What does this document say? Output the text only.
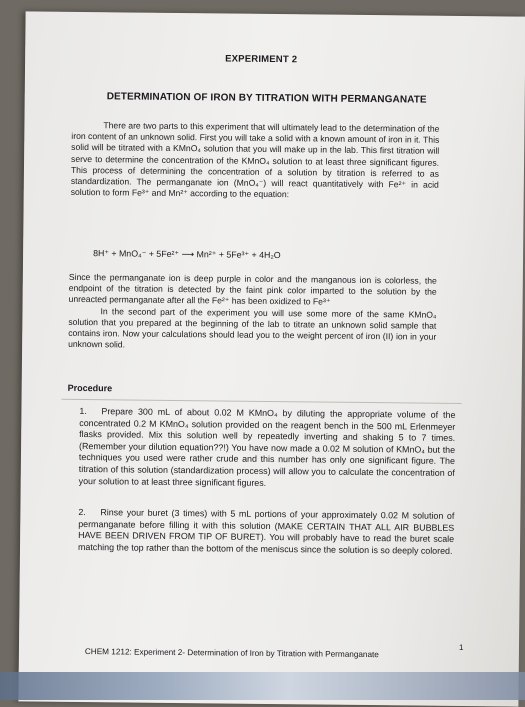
EXPERIMENT 2
DETERMINATION OF IRON BY TITRATION WITH PERMANGANATE
There are two parts to this experiment that will ultimately lead to the determination of the iron content of an unknown solid. First you will take a solid with a known amount of iron in it. This solid will be titrated with a KMnO₄ solution that you will make up in the lab. This first titration will serve to determine the concentration of the KMnO₄ solution to at least three significant figures. This process of determining the concentration of a solution by titration is referred to as standardization. The permanganate ion (MnO₄⁻) will react quantitatively with Fe²⁺ in acid solution to form Fe³⁺ and Mn²⁺ according to the equation:
8H⁺ + MnO₄⁻ + 5Fe²⁺ ⟶ Mn²⁺ + 5Fe³⁺ + 4H₂O
Since the permanganate ion is deep purple in color and the manganous ion is colorless, the endpoint of the titration is detected by the faint pink color imparted to the solution by the unreacted permanganate after all the Fe²⁺ has been oxidized to Fe³⁺
In the second part of the experiment you will use some more of the same KMnO₄ solution that you prepared at the beginning of the lab to titrate an unknown solid sample that contains iron. Now your calculations should lead you to the weight percent of iron (II) ion in your unknown solid.
Procedure
1. Prepare 300 mL of about 0.02 M KMnO₄ by diluting the appropriate volume of the concentrated 0.2 M KMnO₄ solution provided on the reagent bench in the 500 mL Erlenmeyer flasks provided. Mix this solution well by repeatedly inverting and shaking 5 to 7 times. (Remember your dilution equation??!) You have now made a 0.02 M solution of KMnO₄ but the techniques you used were rather crude and this number has only one significant figure. The titration of this solution (standardization process) will allow you to calculate the concentration of your solution to at least three significant figures.
2. Rinse your buret (3 times) with 5 mL portions of your approximately 0.02 M solution of permanganate before filling it with this solution (MAKE CERTAIN THAT ALL AIR BUBBLES HAVE BEEN DRIVEN FROM TIP OF BURET). You will probably have to read the buret scale matching the top rather than the bottom of the meniscus since the solution is so deeply colored.
CHEM 1212: Experiment 2- Determination of Iron by Titration with Permanganate	1
